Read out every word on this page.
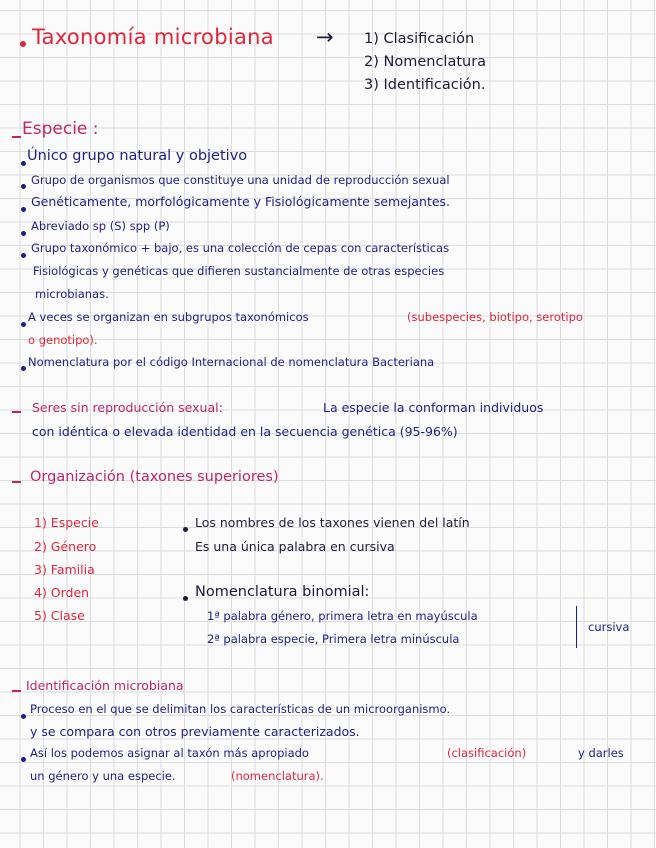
Taxonomía microbiana → 1) Clasificación
2) Nomenclatura
3) Identificación.
Especie :
Único grupo natural y objetivo
Grupo de organismos que constituye una unidad de reproducción sexual
Genéticamente, morfológicamente y Fisiológicamente semejantes.
Abreviado sp (S) spp (P)
Grupo taxonómico + bajo, es una colección de cepas con características
Fisiológicas y genéticas que difieren sustancialmente de otras especies
microbianas.
A veces se organizan en subgrupos taxonómicos	(subespecies, biotipo, serotipo
o genotipo).
Nomenclatura por el código Internacional de nomenclatura Bacteriana
Seres sin reproducción sexual:	La especie la conforman individuos
con idéntica o elevada identidad en la secuencia genética (95-96%)
Organización (taxones superiores)
1) Especie
2) Género
3) Familia
4) Orden
5) Clase
Los nombres de los taxones vienen del latín
Es una única palabra en cursiva
Nomenclatura binomial:
1ª palabra género, primera letra en mayúscula
2ª palabra especie, Primera letra minúscula
cursiva
Identificación microbiana
Proceso en el que se delimitan los características de un microorganismo.
y se compara con otros previamente caracterizados.
Así los podemos asignar al taxón más apropiado	(clasificación)	y darles
un género y una especie.	(nomenclatura).
